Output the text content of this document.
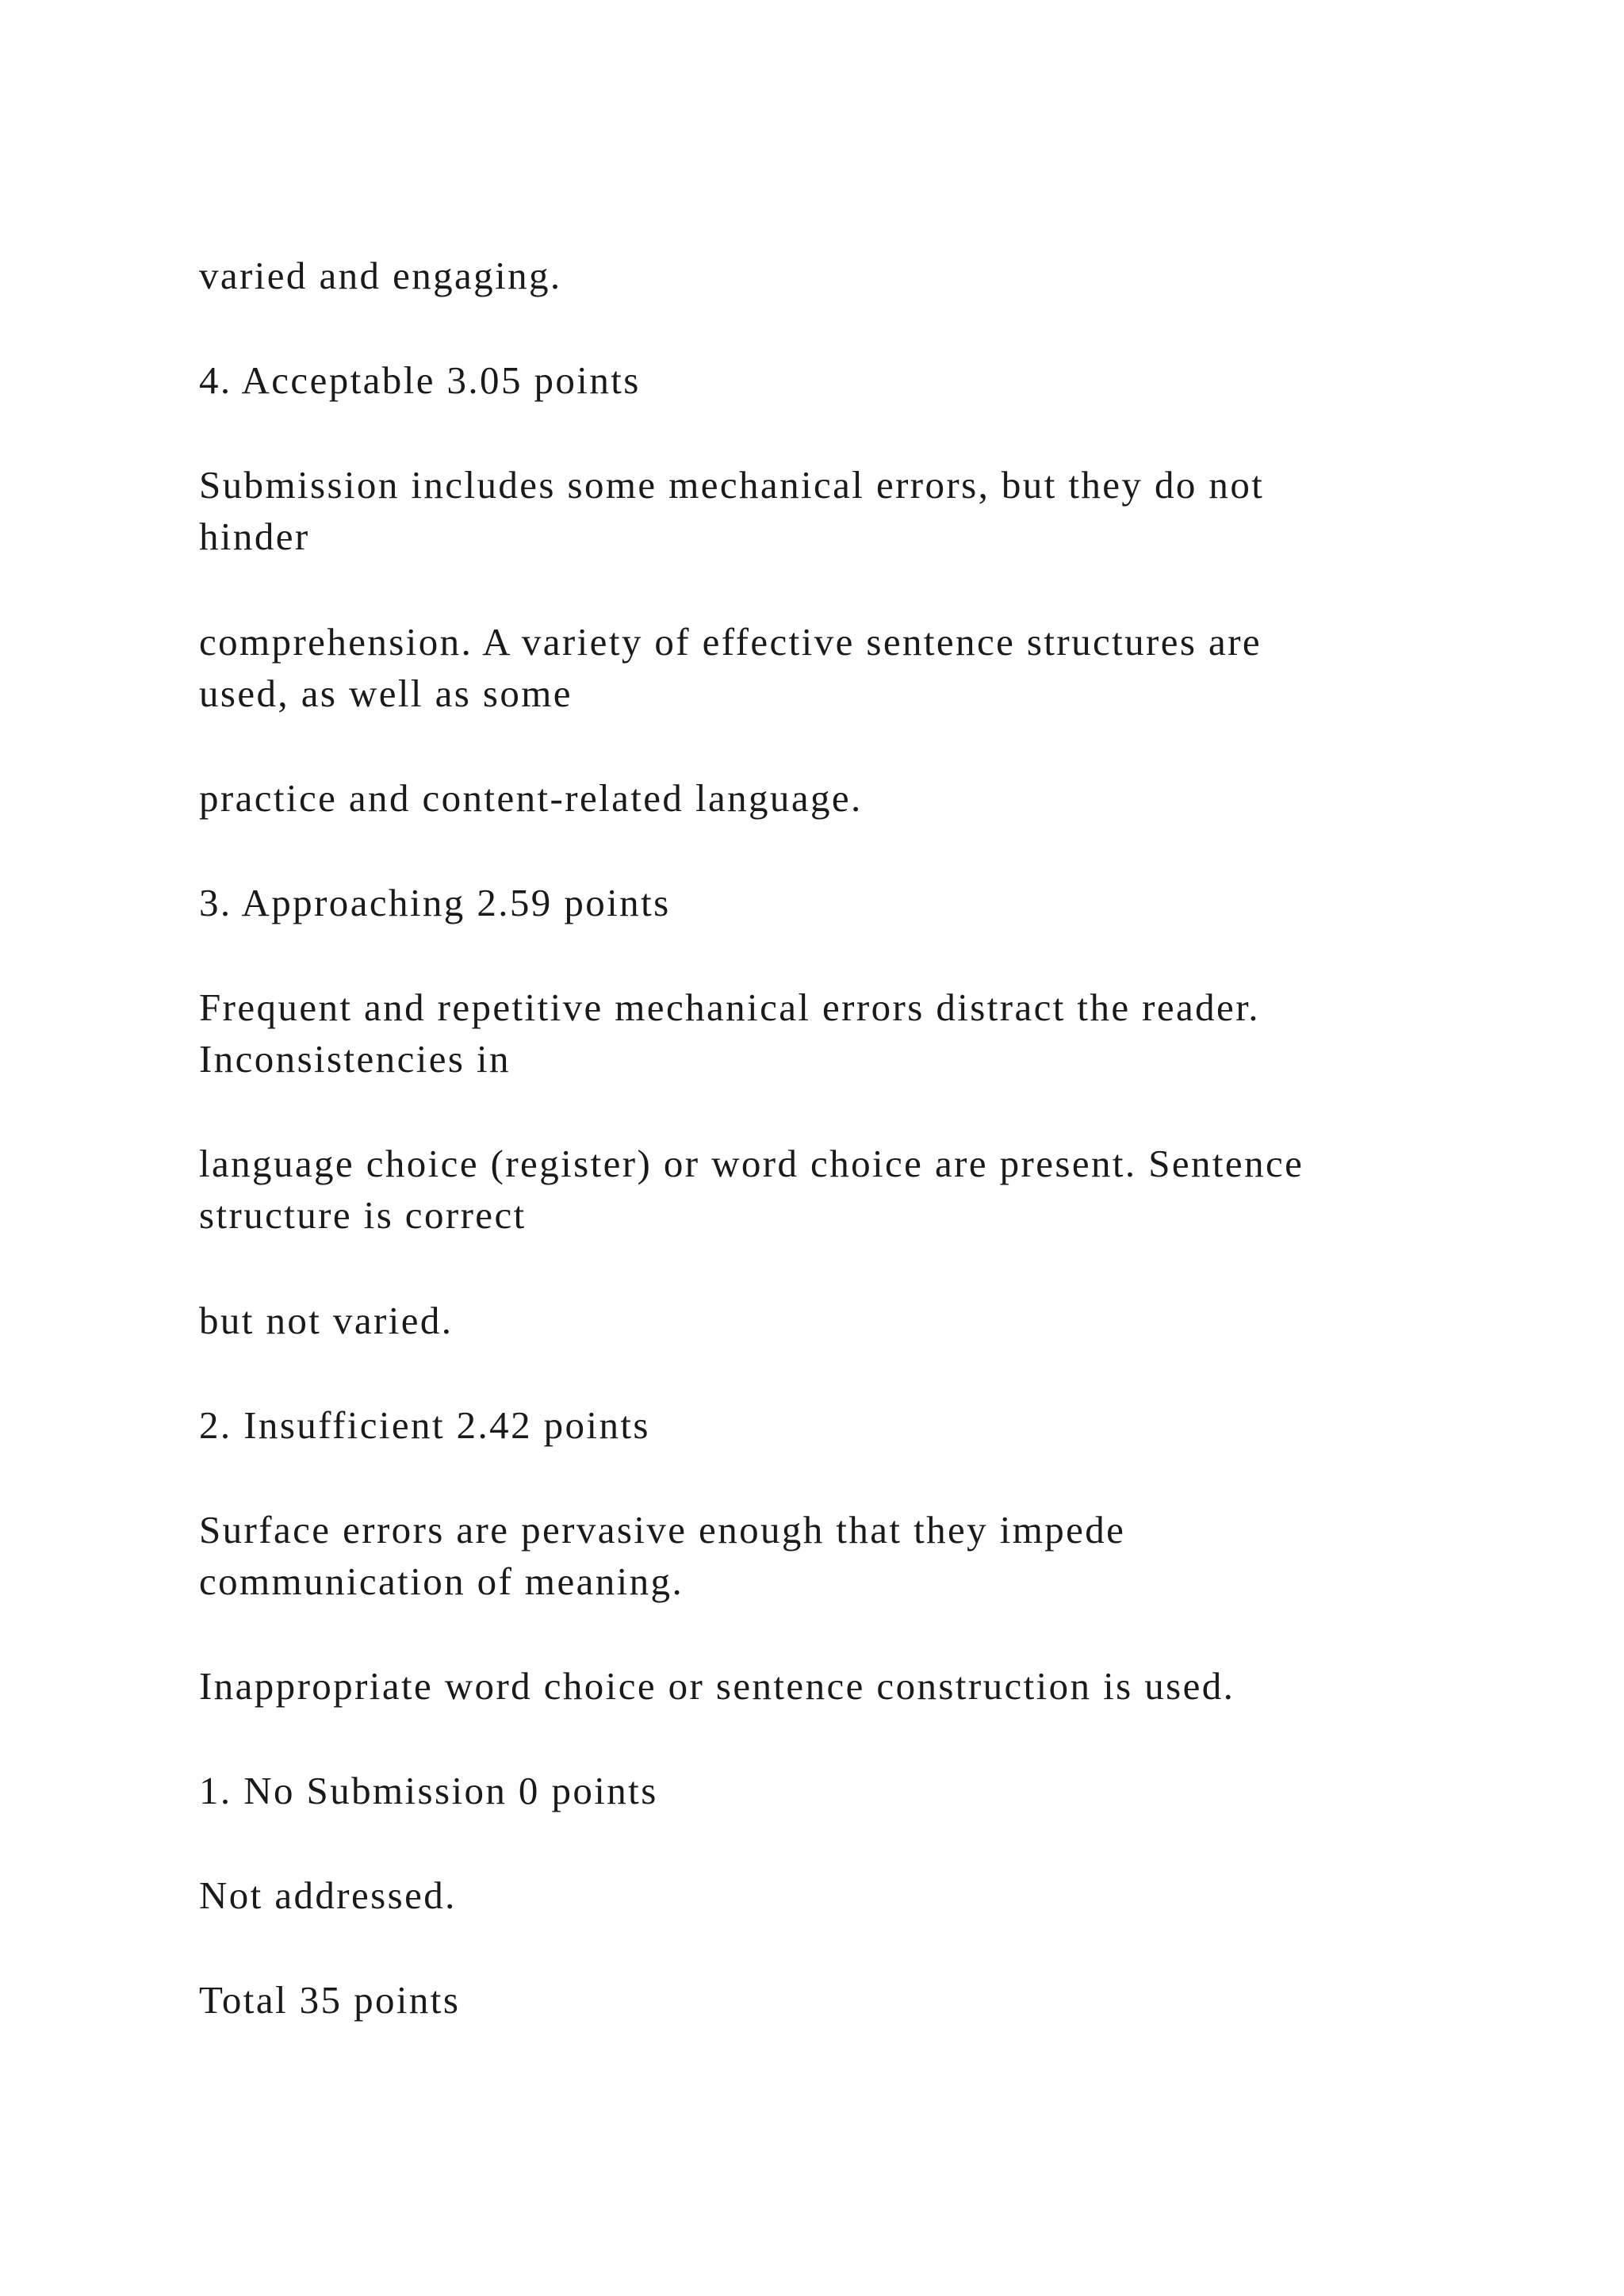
varied and engaging.

4. Acceptable 3.05 points

Submission includes some mechanical errors, but they do not

hinder

comprehension. A variety of effective sentence structures are

used, as well as some

practice and content-related language.

3. Approaching 2.59 points

Frequent and repetitive mechanical errors distract the reader.

Inconsistencies in

language choice (register) or word choice are present. Sentence

structure is correct

but not varied.

2. Insufficient 2.42 points

Surface errors are pervasive enough that they impede

communication of meaning.

Inappropriate word choice or sentence construction is used.

1. No Submission 0 points

Not addressed.

Total 35 points
